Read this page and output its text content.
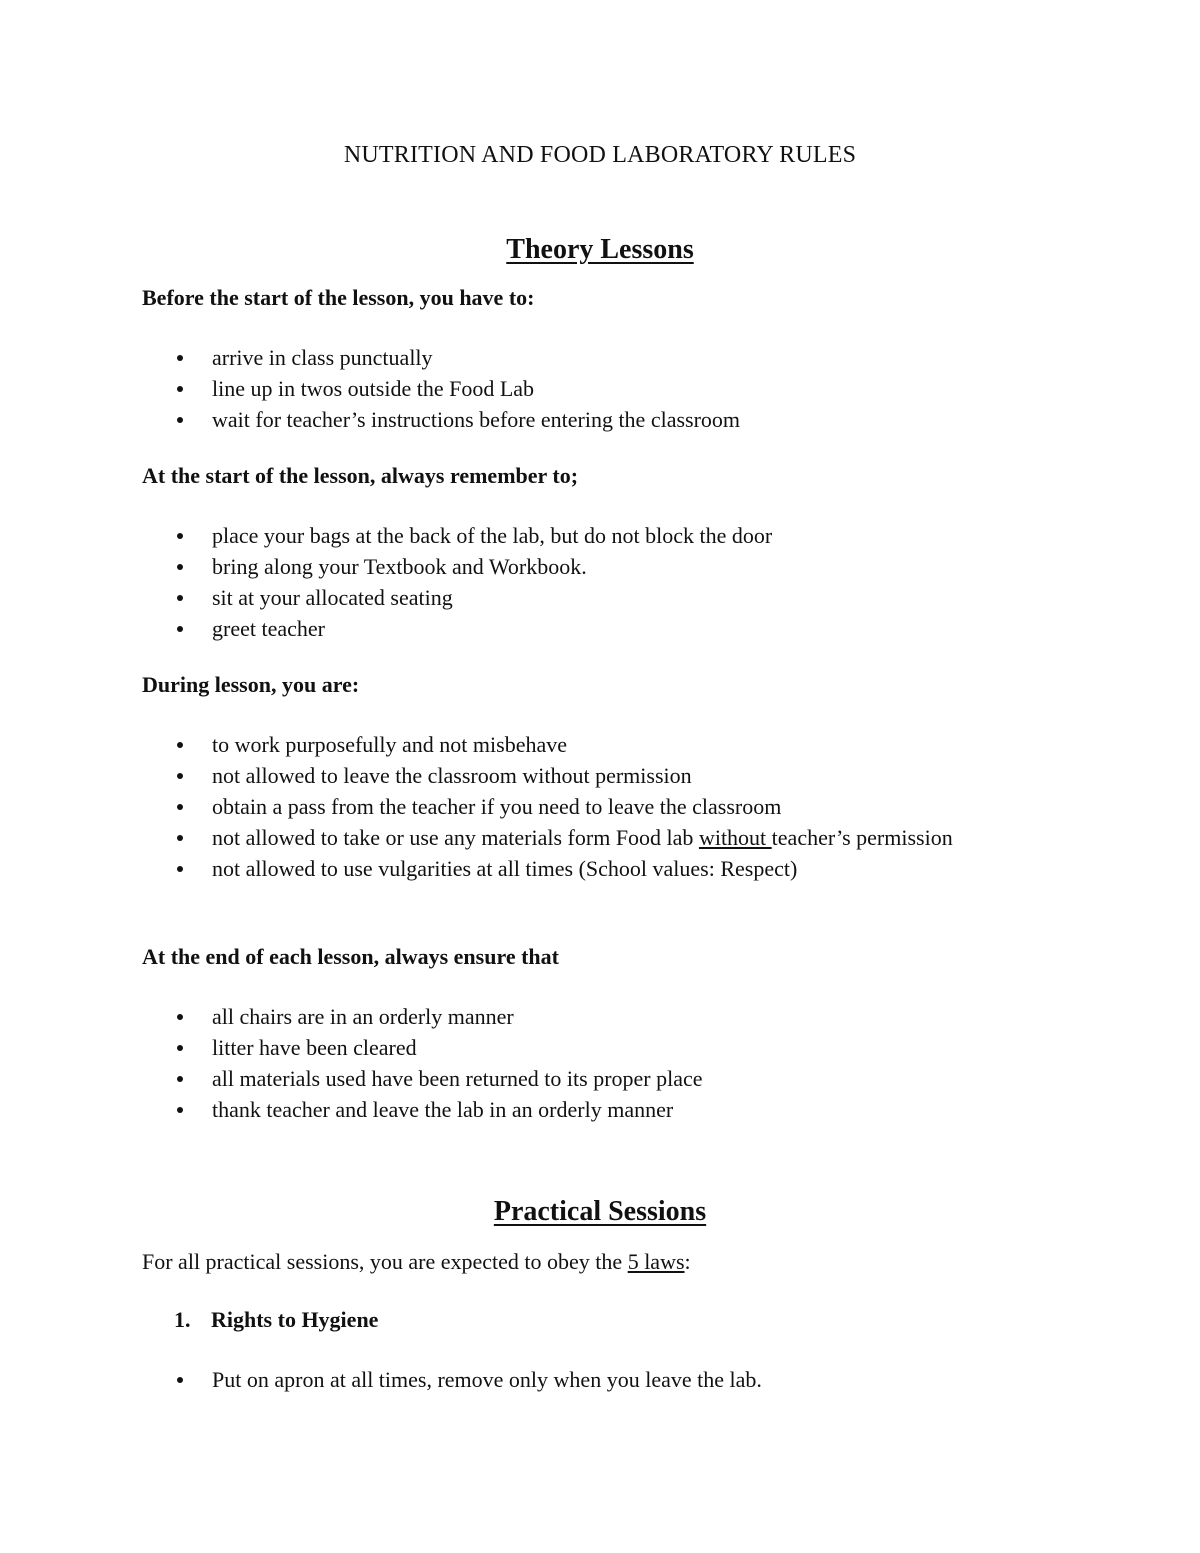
NUTRITION AND FOOD LABORATORY RULES
Theory Lessons
Before the start of the lesson, you have to:
arrive in class punctually
line up in twos outside the Food Lab
wait for teacher’s instructions before entering the classroom
At the start of the lesson, always remember to;
place your bags at the back of the lab, but do not block the door
bring along your Textbook and Workbook.
sit at your allocated seating
greet teacher
During lesson, you are:
to work purposefully and not misbehave
not allowed to leave the classroom without permission
obtain a pass from the teacher if you need to leave the classroom
not allowed to take or use any materials form Food lab without teacher’s permission
not allowed to use vulgarities at all times (School values: Respect)
At the end of each lesson, always ensure that
all chairs are in an orderly manner
litter have been cleared
all materials used have been returned to its proper place
thank teacher and leave the lab in an orderly manner
Practical Sessions
For all practical sessions, you are expected to obey the 5 laws:
1. Rights to Hygiene
Put on apron at all times, remove only when you leave the lab.
